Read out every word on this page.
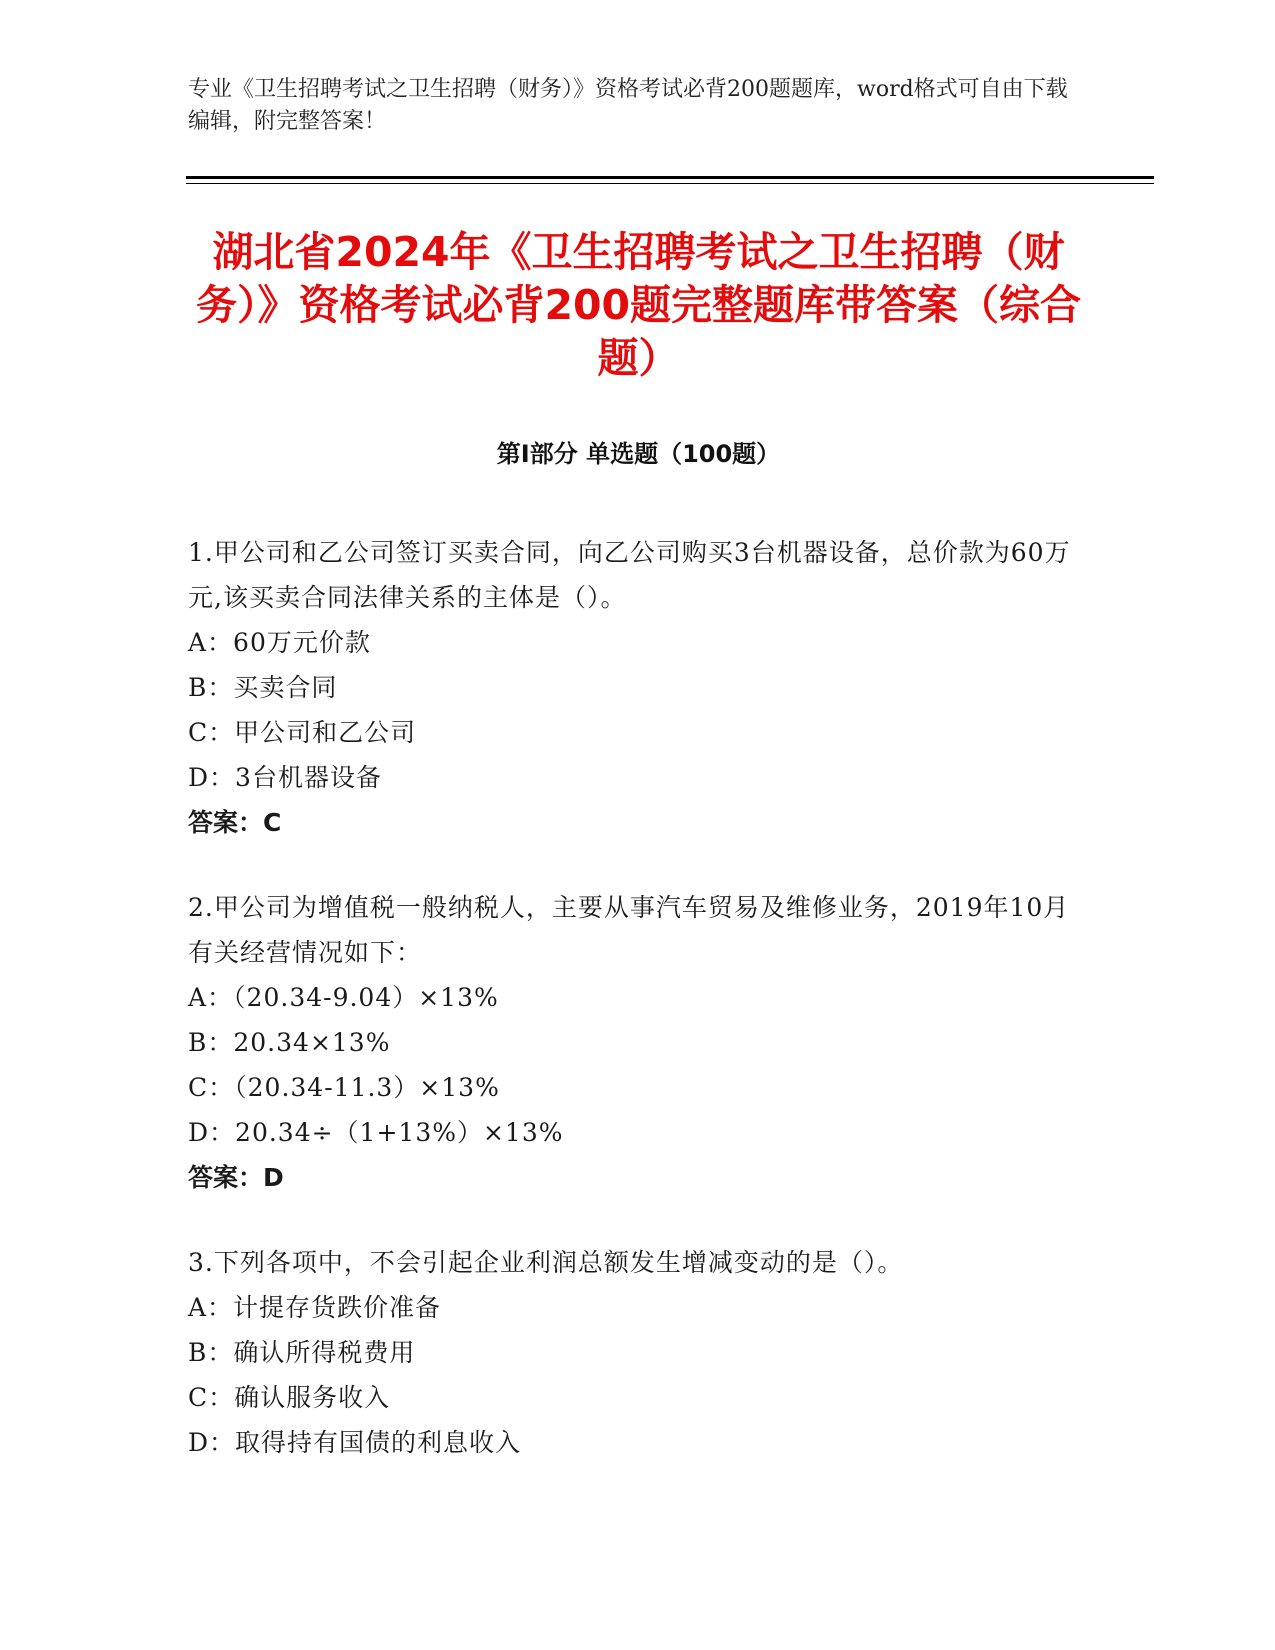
专业《卫生招聘考试之卫生招聘（财务）》资格考试必背200题题库，word格式可自由下载编辑，附完整答案！
湖北省2024年《卫生招聘考试之卫生招聘（财务）》资格考试必背200题完整题库带答案（综合题）
第I部分 单选题（100题）
1.甲公司和乙公司签订买卖合同，向乙公司购买3台机器设备，总价款为60万元,该买卖合同法律关系的主体是（）。
A：60万元价款
B：买卖合同
C：甲公司和乙公司
D：3台机器设备
答案：C
2.甲公司为增值税一般纳税人，主要从事汽车贸易及维修业务，2019年10月有关经营情况如下：
A：（20.34-9.04）×13%
B：20.34×13%
C：（20.34-11.3）×13%
D：20.34÷（1+13%）×13%
答案：D
3.下列各项中，不会引起企业利润总额发生增减变动的是（）。
A：计提存货跌价准备
B：确认所得税费用
C：确认服务收入
D：取得持有国债的利息收入
